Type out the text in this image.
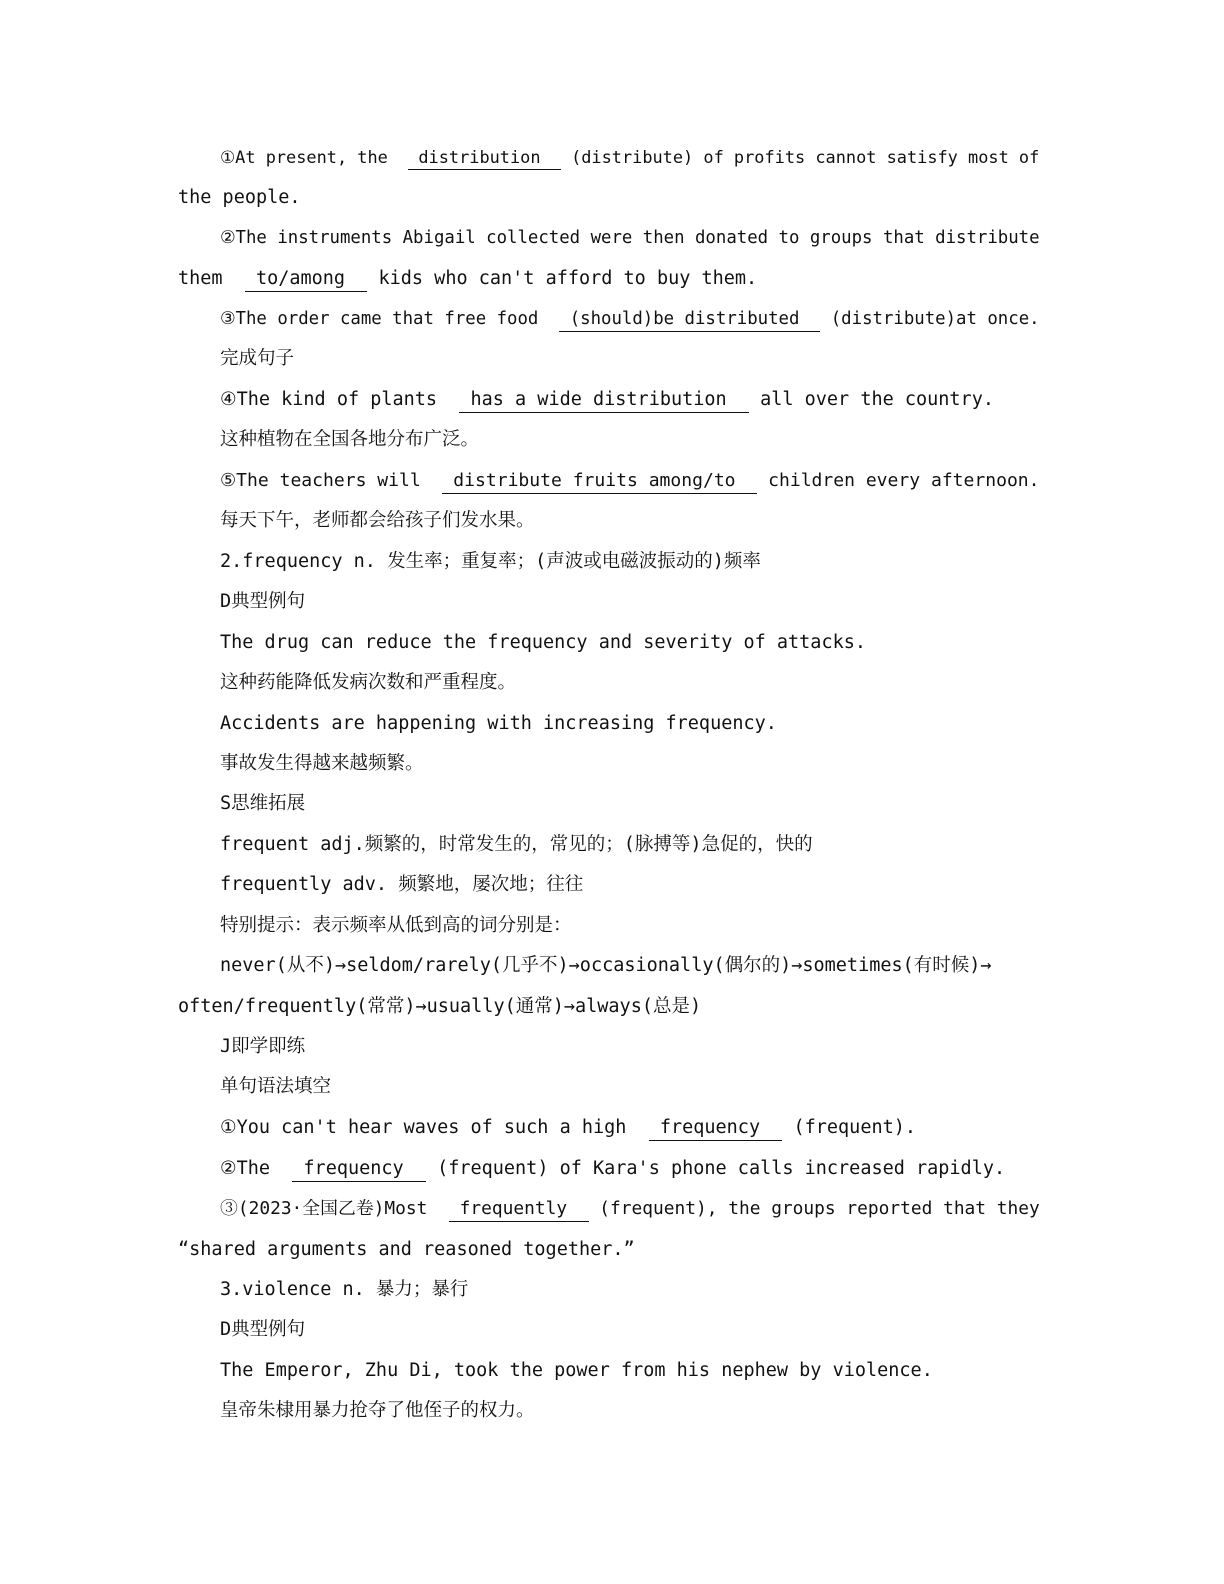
①At present, the   distribution   (distribute) of profits cannot satisfy most of
the people.
②The instruments Abigail collected were then donated to groups that distribute
them   to/among   kids who can't afford to buy them.
③The order came that free food   (should)be distributed   (distribute)at once.
完成句子
④The kind of plants   has a wide distribution   all over the country.
这种植物在全国各地分布广泛。
⑤The teachers will   distribute fruits among/to   children every afternoon.
每天下午，老师都会给孩子们发水果。
2.frequency n. 发生率；重复率；(声波或电磁波振动的)频率
D典型例句
The drug can reduce the frequency and severity of attacks.
这种药能降低发病次数和严重程度。
Accidents are happening with increasing frequency.
事故发生得越来越频繁。
S思维拓展
frequent adj.频繁的，时常发生的，常见的；(脉搏等)急促的，快的
frequently adv. 频繁地，屡次地；往往
特别提示：表示频率从低到高的词分别是：
never(从不)→seldom/rarely(几乎不)→occasionally(偶尔的)→sometimes(有时候)→
often/frequently(常常)→usually(通常)→always(总是)
J即学即练
单句语法填空
①You can't hear waves of such a high   frequency   (frequent).
②The   frequency   (frequent) of Kara's phone calls increased rapidly.
③(2023·全国乙卷)Most   frequently   (frequent), the groups reported that they
“shared arguments and reasoned together.”
3.violence n. 暴力；暴行
D典型例句
The Emperor, Zhu Di, took the power from his nephew by violence.
皇帝朱棣用暴力抢夺了他侄子的权力。
